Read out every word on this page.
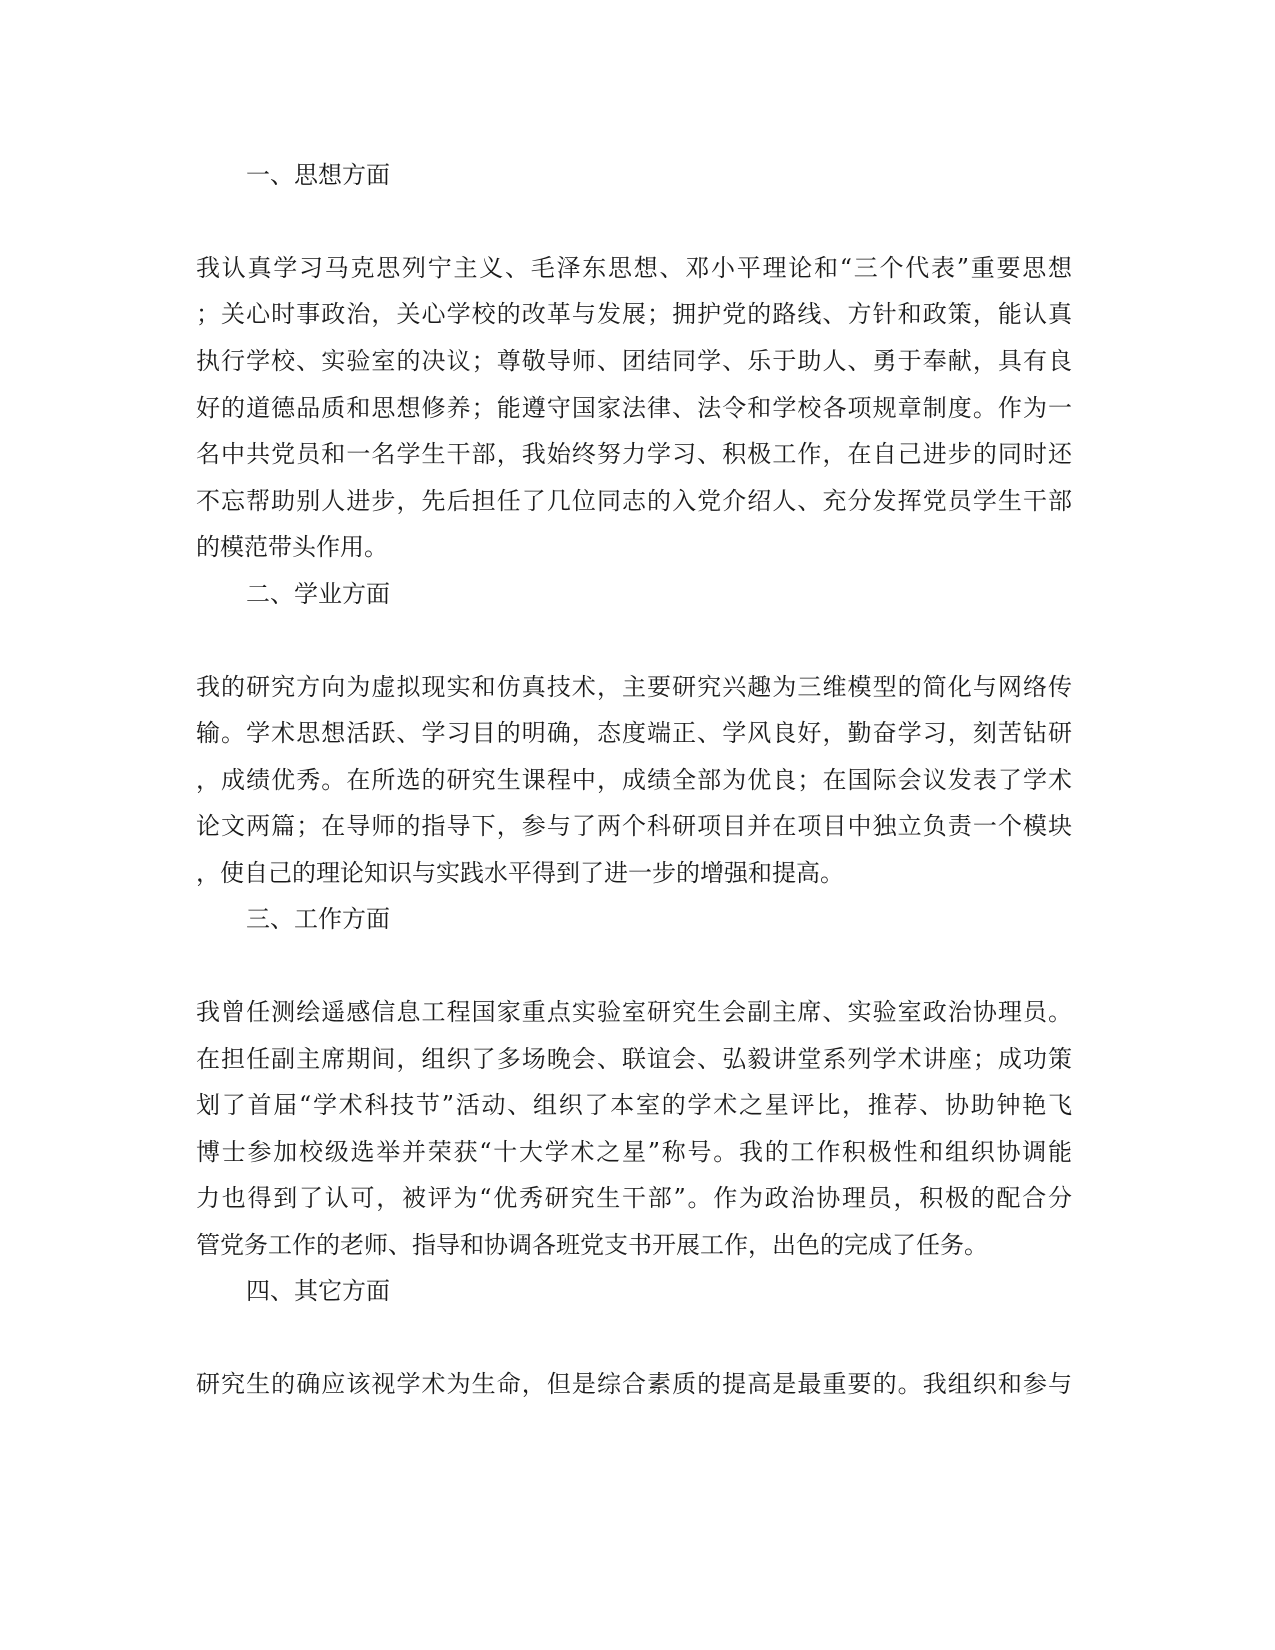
一、思想方面
我认真学习马克思列宁主义、毛泽东思想、邓小平理论和“三个代表”重要思想
；关心时事政治，关心学校的改革与发展；拥护党的路线、方针和政策，能认真
执行学校、实验室的决议；尊敬导师、团结同学、乐于助人、勇于奉献，具有良
好的道德品质和思想修养；能遵守国家法律、法令和学校各项规章制度。作为一
名中共党员和一名学生干部，我始终努力学习、积极工作，在自己进步的同时还
不忘帮助别人进步，先后担任了几位同志的入党介绍人、充分发挥党员学生干部
的模范带头作用。
二、学业方面
我的研究方向为虚拟现实和仿真技术，主要研究兴趣为三维模型的简化与网络传
输。学术思想活跃、学习目的明确，态度端正、学风良好，勤奋学习，刻苦钻研
，成绩优秀。在所选的研究生课程中，成绩全部为优良；在国际会议发表了学术
论文两篇；在导师的指导下，参与了两个科研项目并在项目中独立负责一个模块
，使自己的理论知识与实践水平得到了进一步的增强和提高。
三、工作方面
我曾任测绘遥感信息工程国家重点实验室研究生会副主席、实验室政治协理员。
在担任副主席期间，组织了多场晚会、联谊会、弘毅讲堂系列学术讲座；成功策
划了首届“学术科技节”活动、组织了本室的学术之星评比，推荐、协助钟艳飞
博士参加校级选举并荣获“十大学术之星”称号。我的工作积极性和组织协调能
力也得到了认可，被评为“优秀研究生干部”。作为政治协理员，积极的配合分
管党务工作的老师、指导和协调各班党支书开展工作，出色的完成了任务。
四、其它方面
研究生的确应该视学术为生命，但是综合素质的提高是最重要的。我组织和参与
